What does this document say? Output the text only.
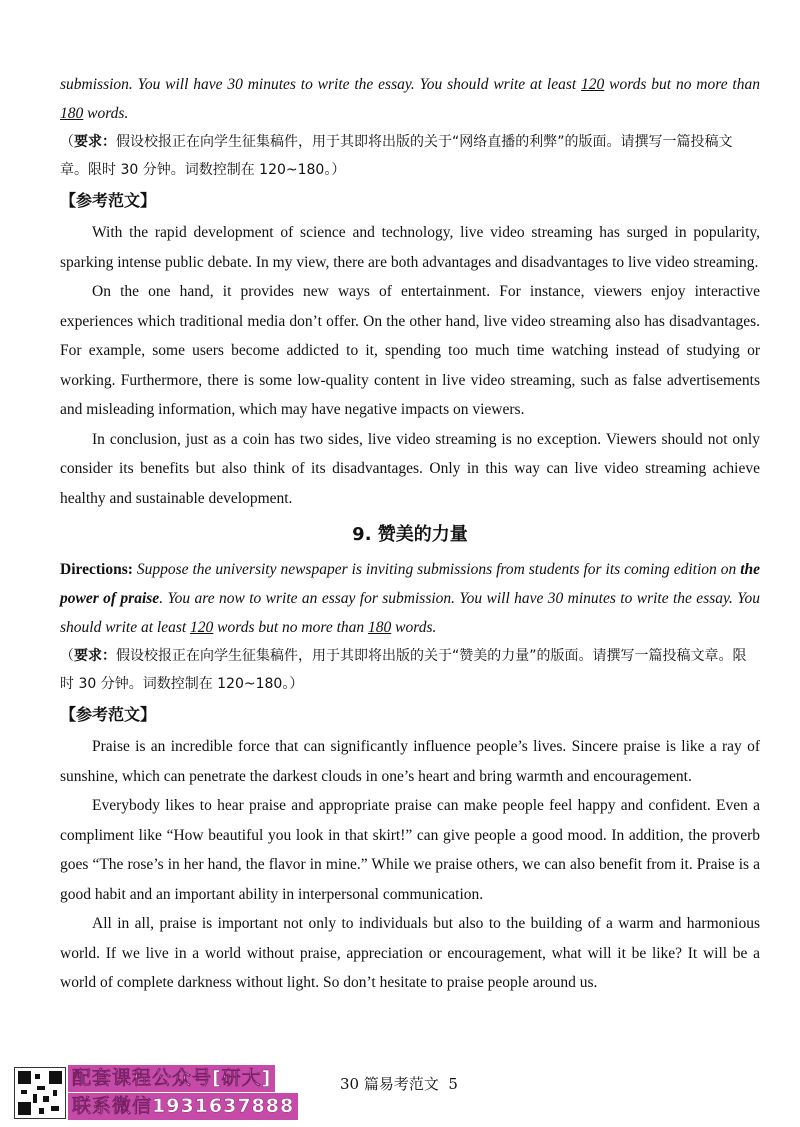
submission. You will have 30 minutes to write the essay. You should write at least 120 words but no more than 180 words.

（要求：假设校报正在向学生征集稿件，用于其即将出版的关于“网络直播的利弊”的版面。请撰写一篇投稿文章。限时 30 分钟。词数控制在 120~180。）

【参考范文】

With the rapid development of science and technology, live video streaming has surged in popularity, sparking intense public debate. In my view, there are both advantages and disadvantages to live video streaming.

On the one hand, it provides new ways of entertainment. For instance, viewers enjoy interactive experiences which traditional media don’t offer. On the other hand, live video streaming also has disadvantages. For example, some users become addicted to it, spending too much time watching instead of studying or working. Furthermore, there is some low-quality content in live video streaming, such as false advertisements and misleading information, which may have negative impacts on viewers.

In conclusion, just as a coin has two sides, live video streaming is no exception. Viewers should not only consider its benefits but also think of its disadvantages. Only in this way can live video streaming achieve healthy and sustainable development.

9. 赞美的力量

Directions: Suppose the university newspaper is inviting submissions from students for its coming edition on the power of praise. You are now to write an essay for submission. You will have 30 minutes to write the essay. You should write at least 120 words but no more than 180 words.

（要求：假设校报正在向学生征集稿件，用于其即将出版的关于“赞美的力量”的版面。请撰写一篇投稿文章。限时 30 分钟。词数控制在 120~180。）

【参考范文】

Praise is an incredible force that can significantly influence people’s lives. Sincere praise is like a ray of sunshine, which can penetrate the darkest clouds in one’s heart and bring warmth and encouragement.

Everybody likes to hear praise and appropriate praise can make people feel happy and confident. Even a compliment like “How beautiful you look in that skirt!” can give people a good mood. In addition, the proverb goes “The rose’s in her hand, the flavor in mine.” While we praise others, we can also benefit from it. Praise is a good habit and an important ability in interpersonal communication.

All in all, praise is important not only to individuals but also to the building of a warm and harmonious world. If we live in a world without praise, appreciation or encouragement, what will it be like? It will be a world of complete darkness without light. So don’t hesitate to praise people around us.

配套课程公众号[研大]
联系微信1931637888
30 篇易考范文 5
